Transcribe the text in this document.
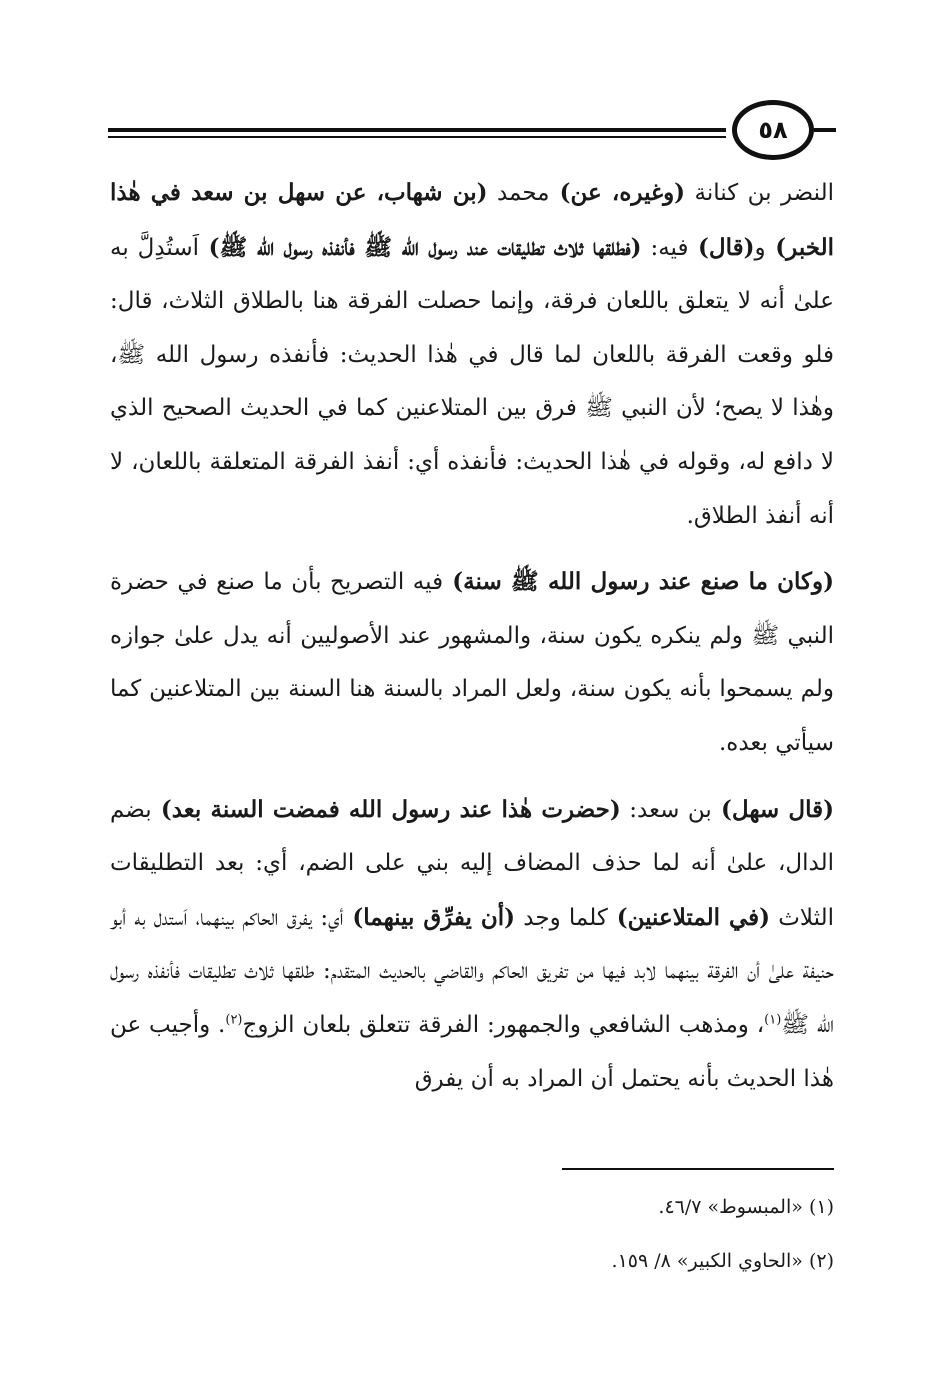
٥٨

النضر بن كنانة (وغيره، عن) محمد (بن شهاب، عن سهل بن سعد في هٰذا الخبر) و(قال) فيه: (فطلقها ثلاث تطليقات عند رسول الله ﷺ فأنفذه رسول الله ﷺ) اَستُدِلَّ به علىٰ أنه لا يتعلق باللعان فرقة، وإنما حصلت الفرقة هنا بالطلاق الثلاث، قال: فلو وقعت الفرقة باللعان لما قال في هٰذا الحديث: فأنفذه رسول الله ﷺ، وهٰذا لا يصح؛ لأن النبي ﷺ فرق بين المتلاعنين كما في الحديث الصحيح الذي لا دافع له، وقوله في هٰذا الحديث: فأنفذه أي: أنفذ الفرقة المتعلقة باللعان، لا أنه أنفذ الطلاق.

(وكان ما صنع عند رسول الله ﷺ سنة) فيه التصريح بأن ما صنع في حضرة النبي ﷺ ولم ينكره يكون سنة، والمشهور عند الأصوليين أنه يدل علىٰ جوازه ولم يسمحوا بأنه يكون سنة، ولعل المراد بالسنة هنا السنة بين المتلاعنين كما سيأتي بعده.

(قال سهل) بن سعد: (حضرت هٰذا عند رسول الله فمضت السنة بعد) بضم الدال، علىٰ أنه لما حذف المضاف إليه بني على الضم، أي: بعد التطليقات الثلاث (في المتلاعنين) كلما وجد (أن يفرِّق بينهما) أي: يفرق الحاكم بينهما، اَستدل به أبو حنيفة علىٰ أن الفرقة بينهما لابد فيها من تفريق الحاكم والقاضي بالحديث المتقدم: طلقها ثلاث تطليقات فأنفذه رسول الله ﷺ$^{(١)}$، ومذهب الشافعي والجمهور: الفرقة تتعلق بلعان الزوج$^{(٢)}$. وأجيب عن هٰذا الحديث بأنه يحتمل أن المراد به أن يفرق

(١) «المبسوط» ٤٦/٧.

(٢) «الحاوي الكبير» ٨/ ١٥٩.
